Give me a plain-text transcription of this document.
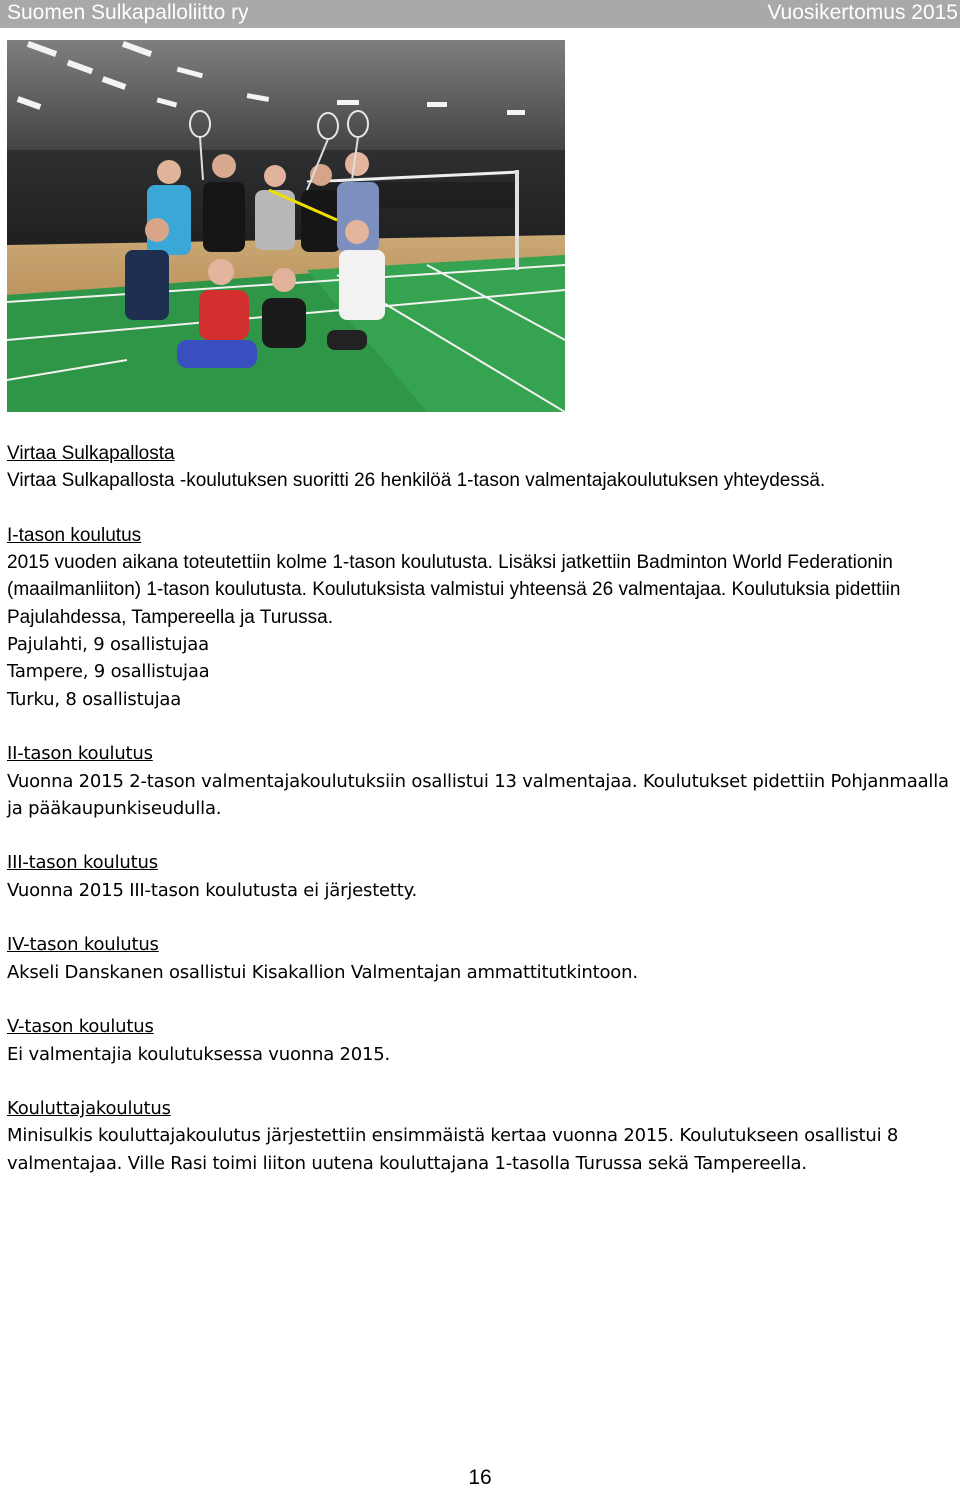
Suomen Sulkapalloliitto ry	Vuosikertomus 2015
Virtaa Sulkapallosta

Virtaa Sulkapallosta -koulutuksen suoritti 26 henkilöä 1-tason valmentajakoulutuksen yhteydessä.

I-tason koulutus

2015 vuoden aikana toteutettiin kolme 1-tason koulutusta. Lisäksi jatkettiin Badminton World Federationin (maailmanliiton) 1-tason koulutusta. Koulutuksista valmistui yhteensä 26 valmentajaa. Koulutuksia pidettiin Pajulahdessa, Tampereella ja Turussa.

Pajulahti, 9 osallistujaa

Tampere, 9 osallistujaa

Turku, 8 osallistujaa

II-tason koulutus

Vuonna 2015 2-tason valmentajakoulutuksiin osallistui 13 valmentajaa. Koulutukset pidettiin Pohjanmaalla ja pääkaupunkiseudulla.

III-tason koulutus

Vuonna 2015 III-tason koulutusta ei järjestetty.

IV-tason koulutus

Akseli Danskanen osallistui Kisakallion Valmentajan ammattitutkintoon.

V-tason koulutus

Ei valmentajia koulutuksessa vuonna 2015.

Kouluttajakoulutus

Minisulkis kouluttajakoulutus järjestettiin ensimmäistä kertaa vuonna 2015. Koulutukseen osallistui 8 valmentajaa. Ville Rasi toimi liiton uutena kouluttajana 1-tasolla Turussa sekä Tampereella.

16
